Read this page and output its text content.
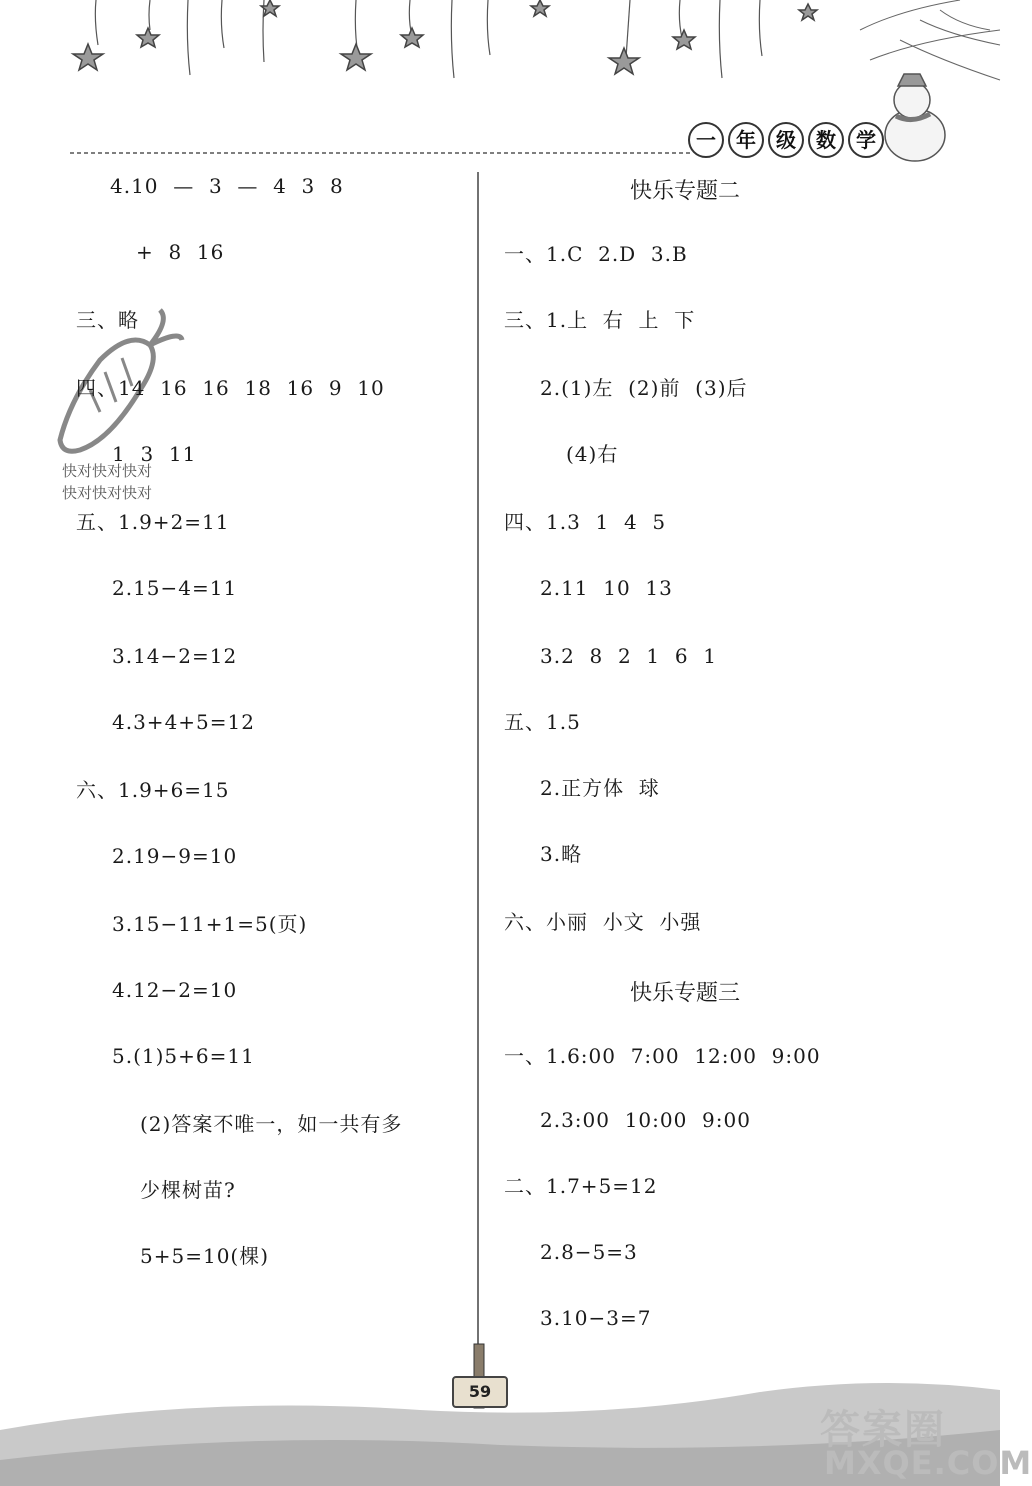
一	年	级	数	学
4.10  —  3  —  4  3  8
+  8  16
三、略
四、14  16  16  18  16  9  10
1  3  11
快对快对快对
快对快对快对
五、1.9+2=11
2.15−4=11
3.14−2=12
4.3+4+5=12
六、1.9+6=15
2.19−9=10
3.15−11+1=5(页)
4.12−2=10
5.(1)5+6=11
(2)答案不唯一，如一共有多
少棵树苗?
5+5=10(棵)
快乐专题二
一、1.C  2.D  3.B
三、1.上  右  上  下
2.(1)左  (2)前  (3)后
(4)右
四、1.3  1  4  5
2.11  10  13
3.2  8  2  1  6  1
五、1.5
2.正方体  球
3.略
六、小丽  小文  小强
快乐专题三
一、1.6:00  7:00  12:00  9:00
2.3:00  10:00  9:00
二、1.7+5=12
2.8−5=3
3.10−3=7
59
答案圈
MXQE.COM
